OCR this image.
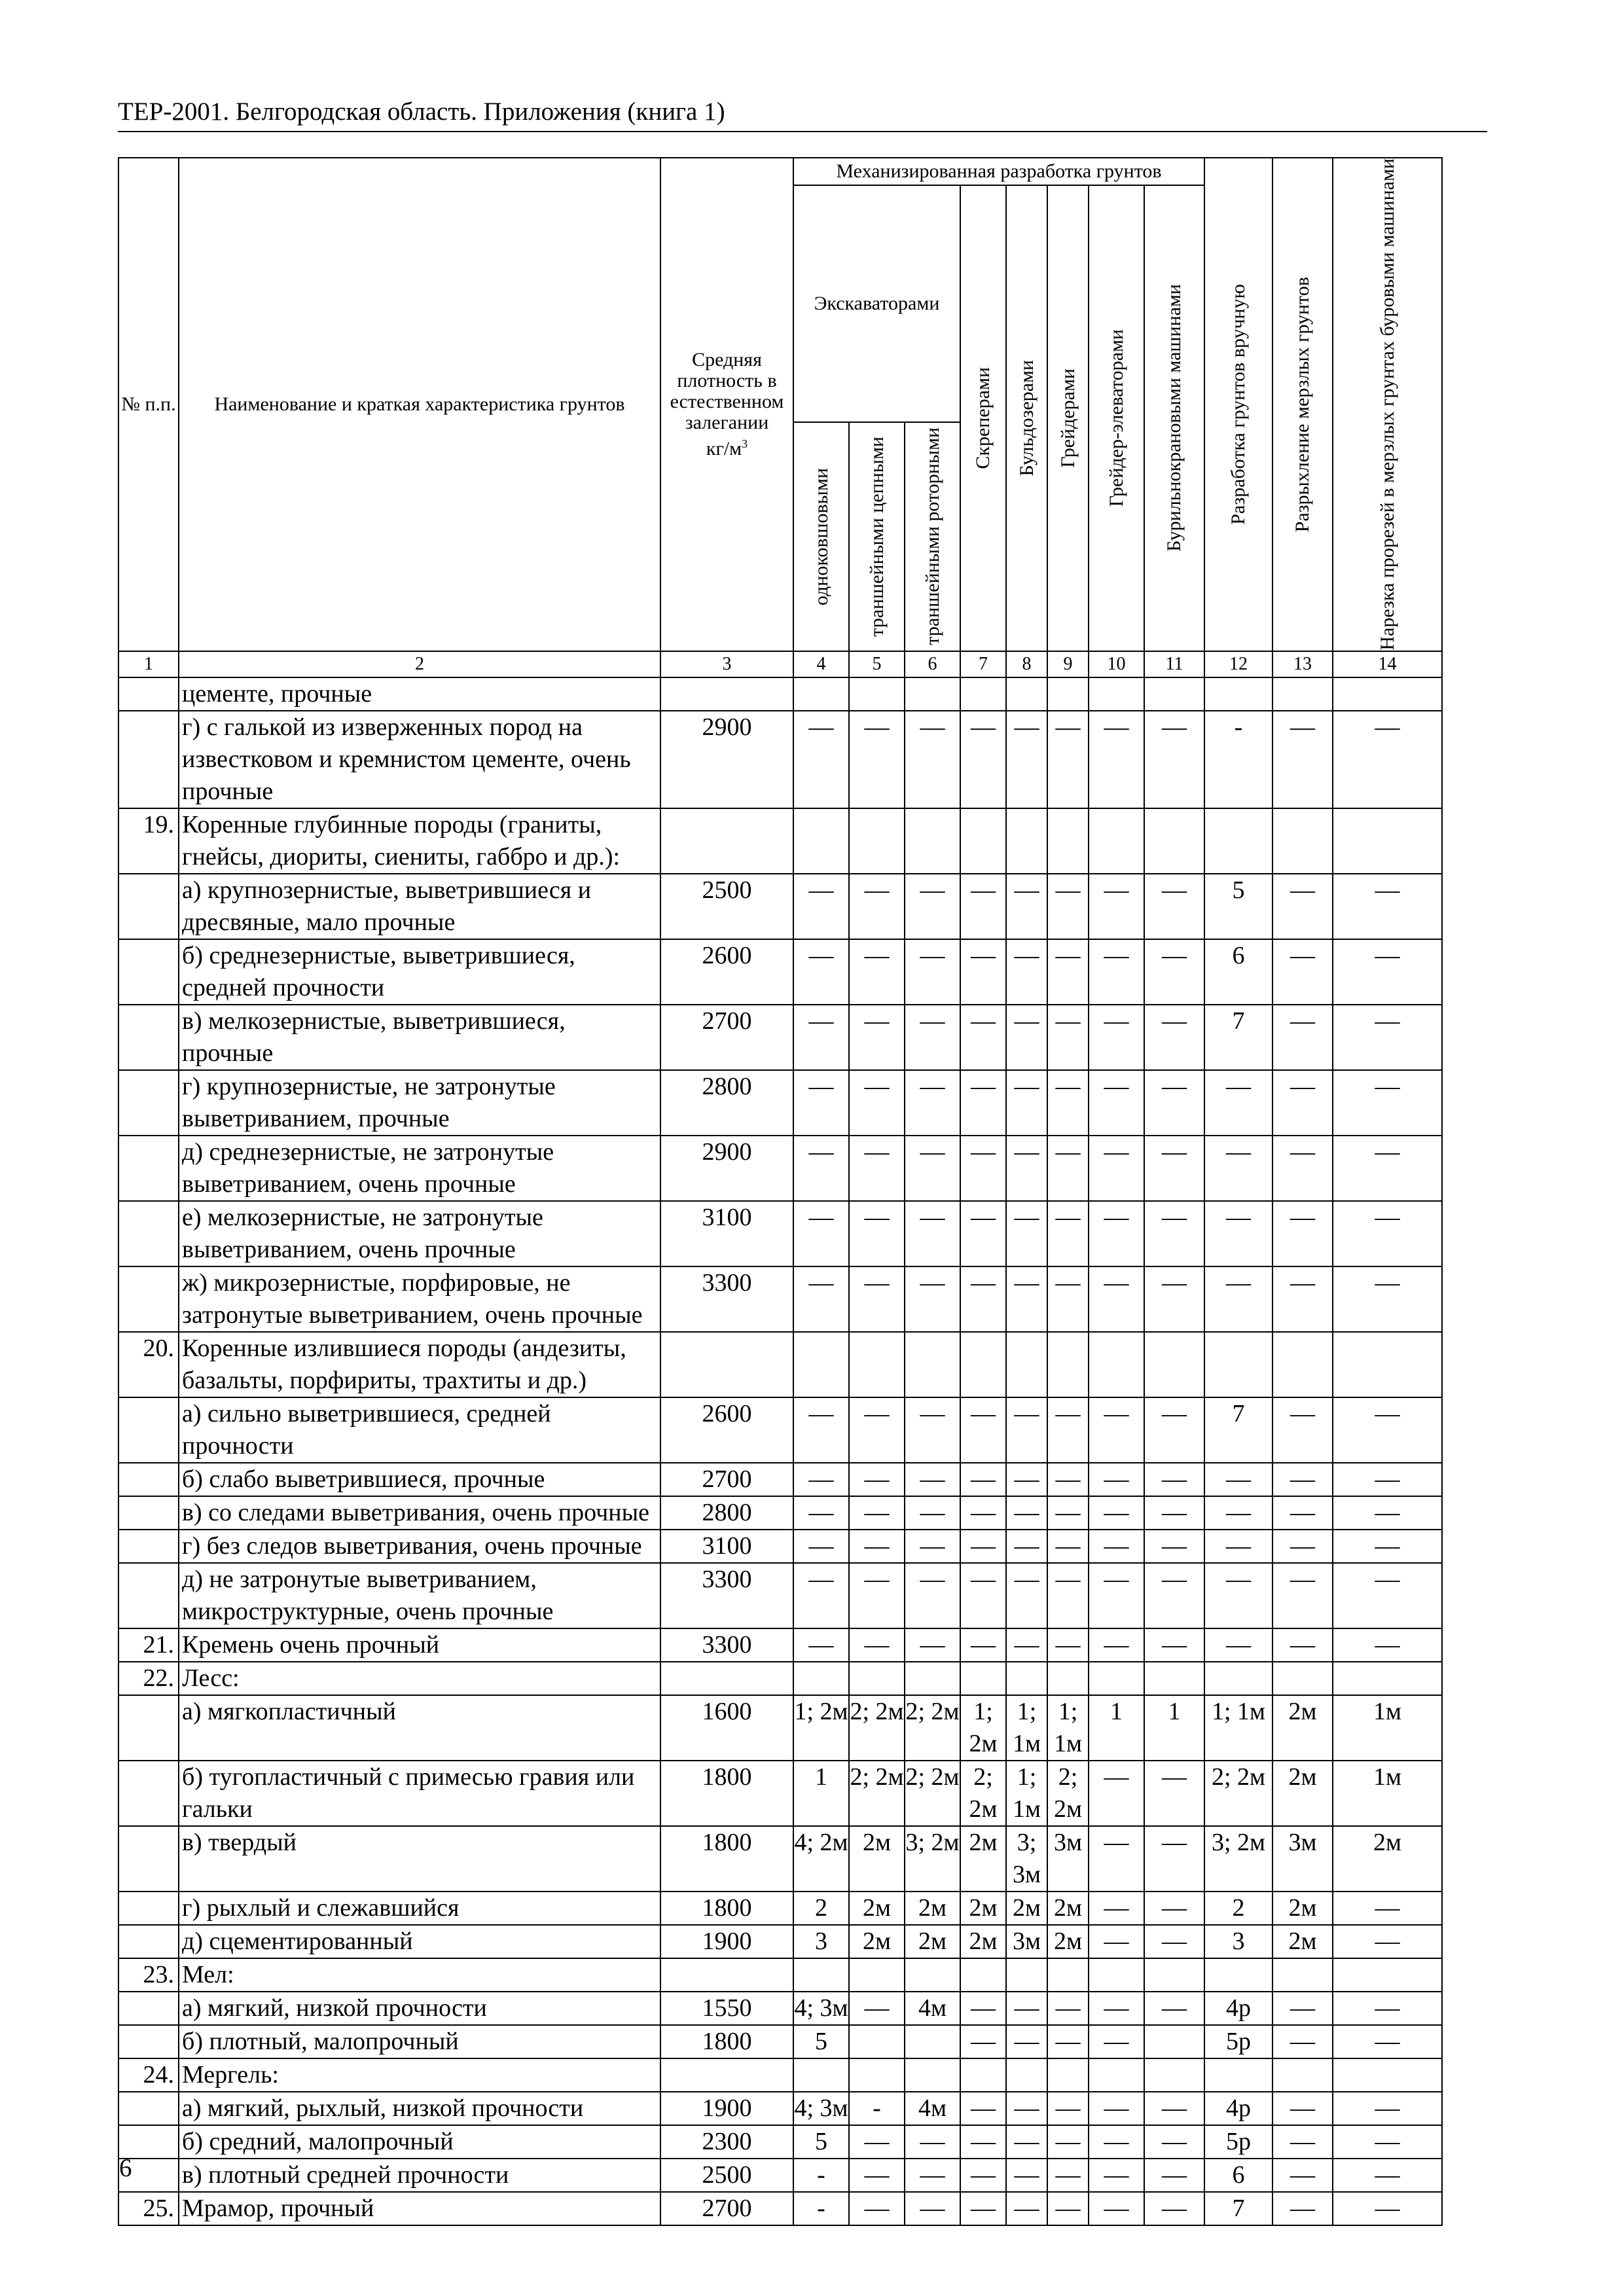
ТЕР-2001. Белгородская область. Приложения (книга 1)
№ п.п.	Наименование и краткая характеристика грунтов	Средняя
плотность в
естественном
залегании
$кг/м^3$	Механизированная разработка грунтов								Разработка грунтов вручную	Разрыхление мерзлых грунтов	Нарезка прорезей в мерзлых грунтах буровыми машинами

			Экскаваторами			Скреперами	Бульдозерами	Грейдерами	Грейдер-элеваторами	Бурильнокрановыми машинами			

			одноковшовыми	траншейными цепными	траншейными роторными								

1	2	3	4	5	6	7	8	9	10	11	12	13	14
	цементе, прочные												
	г) с галькой из изверженных пород на известковом и кремнистом цементе, очень прочные	2900	—	—	—	—	—	—	—	—	-	—	—
19.	Коренные глубинные породы (граниты, гнейсы, диориты, сиениты, габбро и др.):												
	а) крупнозернистые, выветрившиеся и дресвяные, мало прочные	2500	—	—	—	—	—	—	—	—	5	—	—
	б) среднезернистые, выветрившиеся, средней прочности	2600	—	—	—	—	—	—	—	—	6	—	—
	в) мелкозернистые, выветрившиеся, прочные	2700	—	—	—	—	—	—	—	—	7	—	—
	г) крупнозернистые, не затронутые выветриванием, прочные	2800	—	—	—	—	—	—	—	—	—	—	—
	д) среднезернистые, не затронутые выветриванием, очень прочные	2900	—	—	—	—	—	—	—	—	—	—	—
	е) мелкозернистые, не затронутые выветриванием, очень прочные	3100	—	—	—	—	—	—	—	—	—	—	—
	ж) микрозернистые, порфировые, не затронутые выветриванием, очень прочные	3300	—	—	—	—	—	—	—	—	—	—	—
20.	Коренные излившиеся породы (андезиты, базальты, порфириты, трахтиты и др.)												
	а) сильно выветрившиеся, средней прочности	2600	—	—	—	—	—	—	—	—	7	—	—
	б) слабо выветрившиеся, прочные	2700	—	—	—	—	—	—	—	—	—	—	—
	в) со следами выветривания, очень прочные	2800	—	—	—	—	—	—	—	—	—	—	—
	г) без следов выветривания, очень прочные	3100	—	—	—	—	—	—	—	—	—	—	—
	д) не затронутые выветриванием, микроструктурные, очень прочные	3300	—	—	—	—	—	—	—	—	—	—	—
21.	Кремень очень прочный	3300	—	—	—	—	—	—	—	—	—	—	—
22.	Лесс:												
	а) мягкопластичный	1600	1; 2м	2; 2м	2; 2м	1; 2м	1; 1м	1; 1м	1	1	1; 1м	2м	1м
	б) тугопластичный с примесью гравия или гальки	1800	1	2; 2м	2; 2м	2; 2м	1; 1м	2; 2м	—	—	2; 2м	2м	1м
	в) твердый	1800	4; 2м	2м	3; 2м	2м	3; 3м	3м	—	—	3; 2м	3м	2м
	г) рыхлый и слежавшийся	1800	2	2м	2м	2м	2м	2м	—	—	2	2м	—
	д) сцементированный	1900	3	2м	2м	2м	3м	2м	—	—	3	2м	—
23.	Мел:												
	а) мягкий, низкой прочности	1550	4; 3м	—	4м	—	—	—	—	—	4р	—	—
	б) плотный, малопрочный	1800	5			—	—	—	—		5р	—	—
24.	Мергель:												
	а) мягкий, рыхлый, низкой прочности	1900	4; 3м	-	4м	—	—	—	—	—	4р	—	—
	б) средний, малопрочный	2300	5	—	—	—	—	—	—	—	5р	—	—
	в) плотный средней прочности	2500	-	—	—	—	—	—	—	—	6	—	—
25.	Мрамор, прочный	2700	-	—	—	—	—	—	—	—	7	—	—
6
